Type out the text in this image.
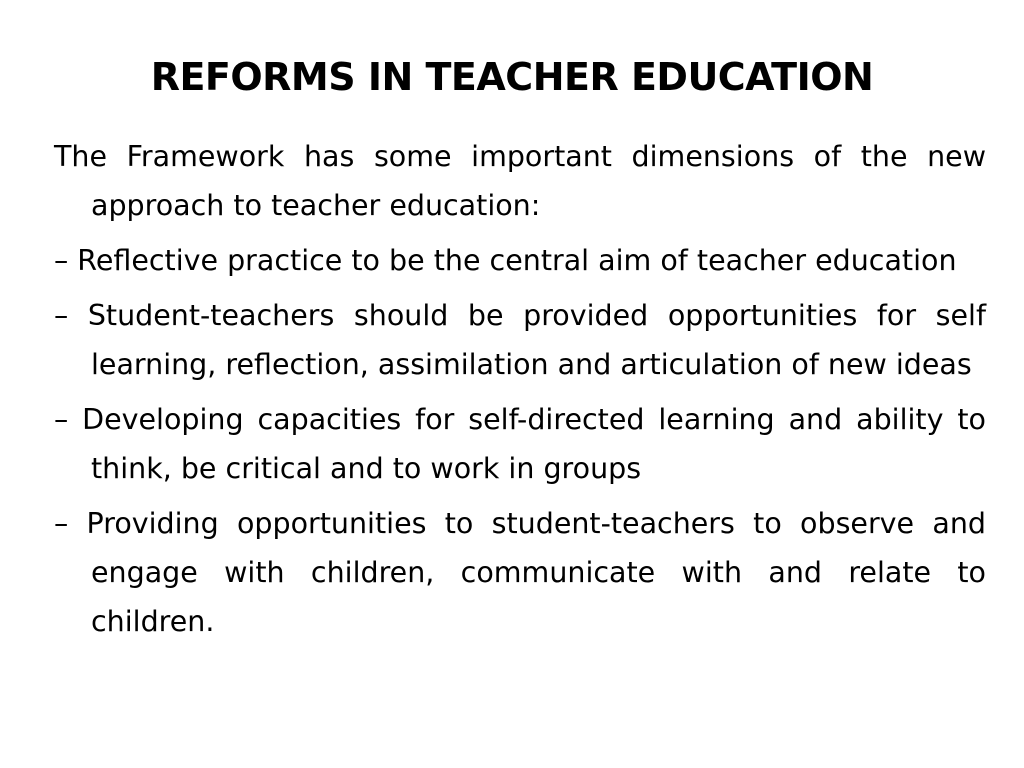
REFORMS IN TEACHER EDUCATION

The Framework has some important dimensions of the new approach to teacher education:

– Reflective practice to be the central aim of teacher education

– Student-teachers should be provided opportunities for self learning, reflection, assimilation and articulation of new ideas

– Developing capacities for self-directed learning and ability to think, be critical and to work in groups

– Providing opportunities to student-teachers to observe and engage with children, communicate with and relate to children.
